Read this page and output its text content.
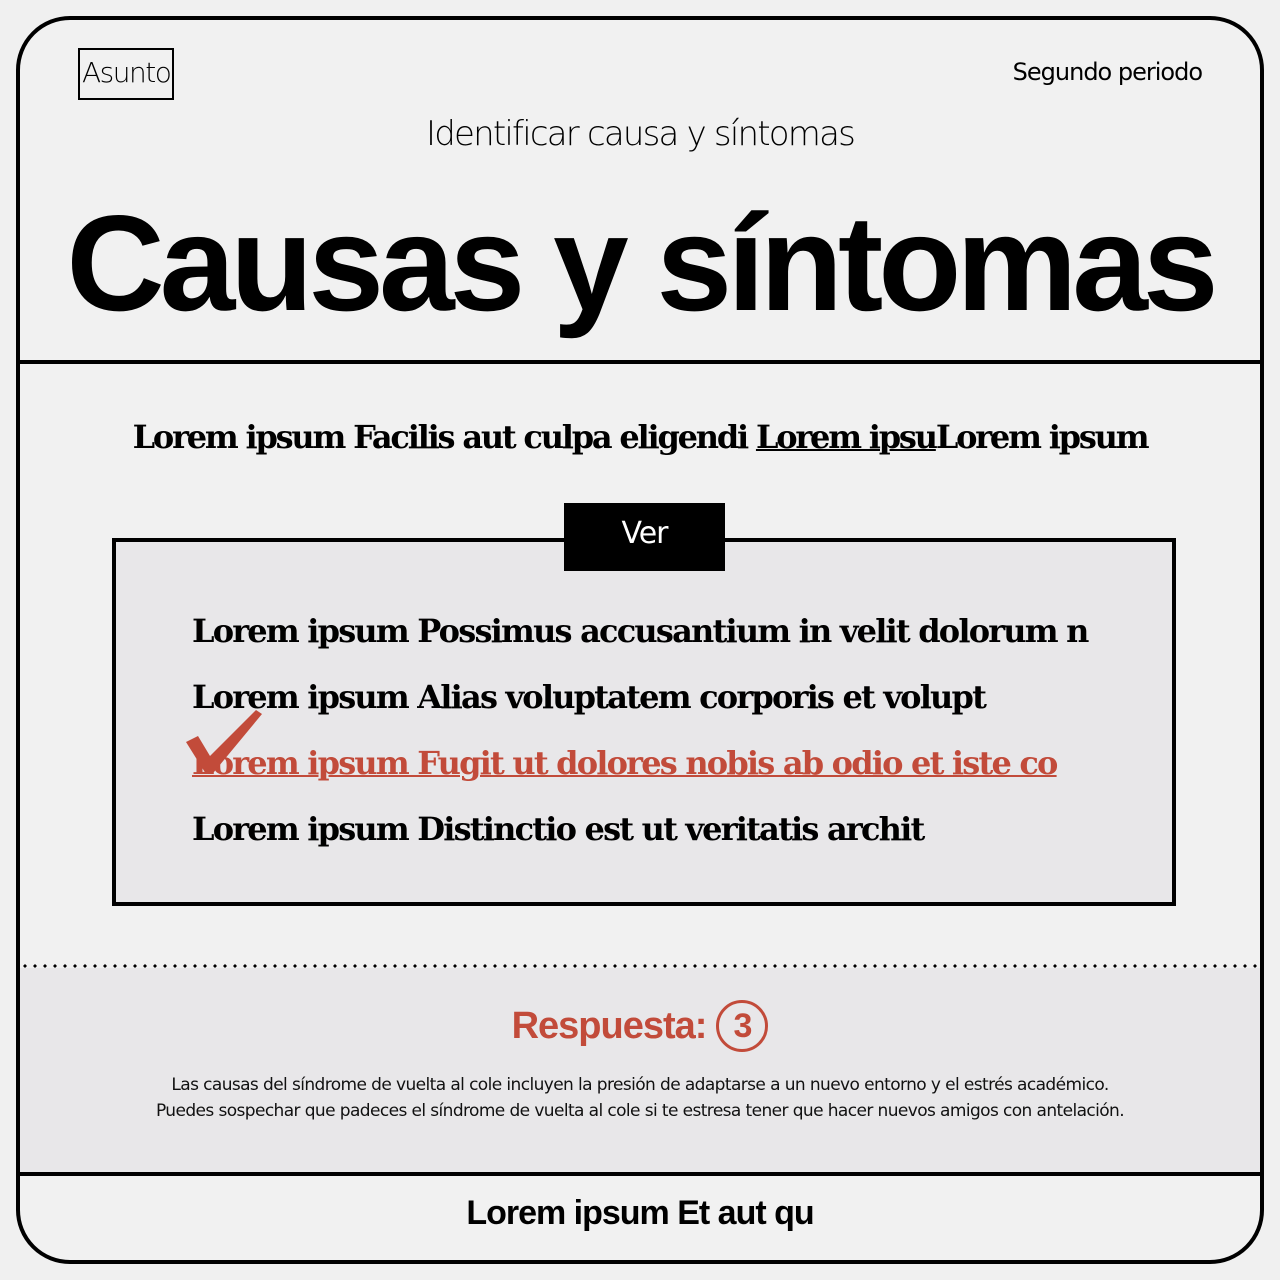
Asunto	Segundo periodo
Identificar causa y síntomas
Causas y síntomas
Lorem ipsum Facilis aut culpa eligendi Lorem ipsuLorem ipsum
Ver
Lorem ipsum Possimus accusantium in velit dolorum n
Lorem ipsum Alias voluptatem corporis et volupt
Lorem ipsum Fugit ut dolores nobis ab odio et iste co
Lorem ipsum Distinctio est ut veritatis archit
Respuesta: 3
Las causas del síndrome de vuelta al cole incluyen la presión de adaptarse a un nuevo entorno y el estrés académico.
Puedes sospechar que padeces el síndrome de vuelta al cole si te estresa tener que hacer nuevos amigos con antelación.
Lorem ipsum Et aut qu
